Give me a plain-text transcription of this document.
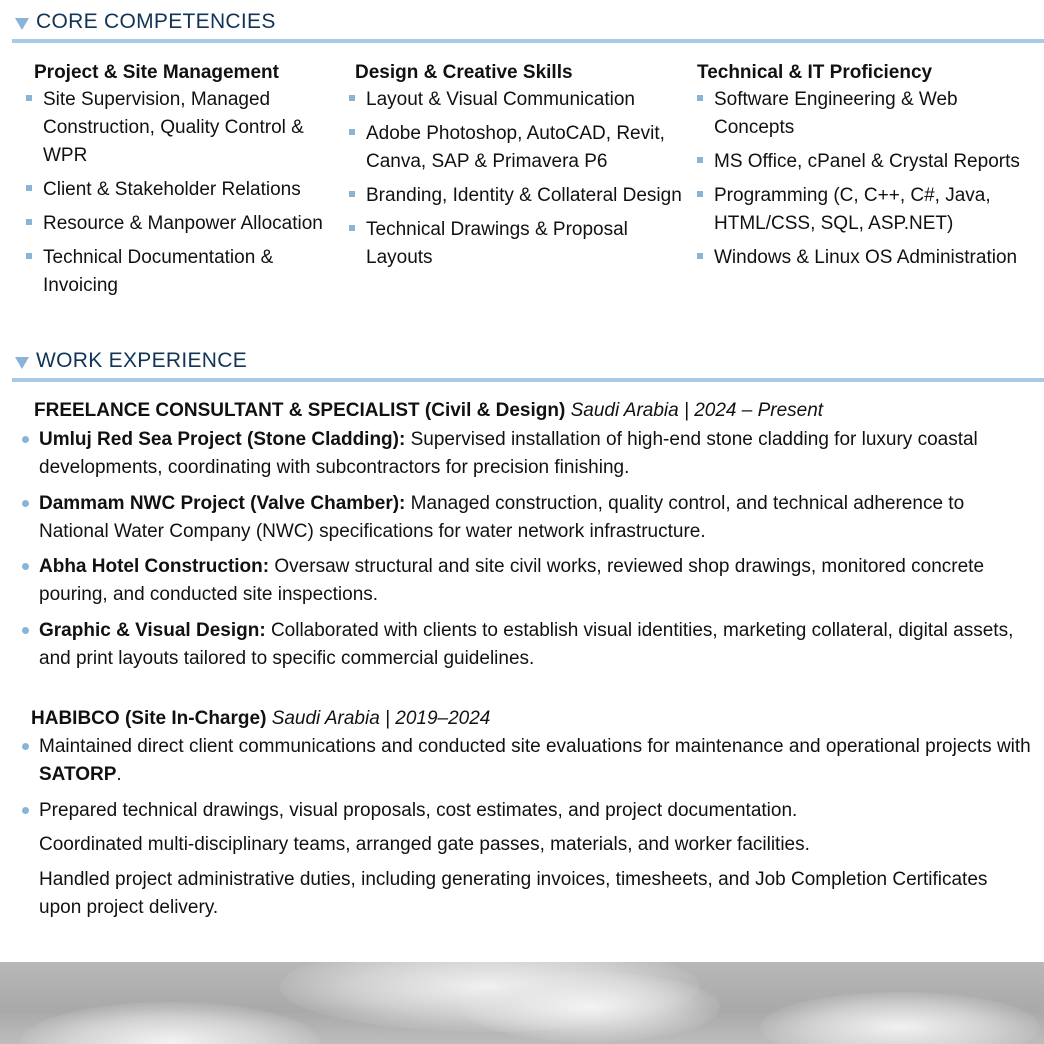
CORE COMPETENCIES
Project & Site Management
Site Supervision, Managed Construction, Quality Control & WPR
Client & Stakeholder Relations
Resource & Manpower Allocation
Technical Documentation & Invoicing
Design & Creative Skills
Layout & Visual Communication
Adobe Photoshop, AutoCAD, Revit, Canva, SAP & Primavera P6
Branding, Identity & Collateral Design
Technical Drawings & Proposal Layouts
Technical & IT Proficiency
Software Engineering & Web Concepts
MS Office, cPanel & Crystal Reports
Programming (C, C++, C#, Java, HTML/CSS, SQL, ASP.NET)
Windows & Linux OS Administration
WORK EXPERIENCE
FREELANCE CONSULTANT & SPECIALIST (Civil & Design) Saudi Arabia | 2024 – Present
Umluj Red Sea Project (Stone Cladding): Supervised installation of high-end stone cladding for luxury coastal developments, coordinating with subcontractors for precision finishing.
Dammam NWC Project (Valve Chamber): Managed construction, quality control, and technical adherence to National Water Company (NWC) specifications for water network infrastructure.
Abha Hotel Construction: Oversaw structural and site civil works, reviewed shop drawings, monitored concrete pouring, and conducted site inspections.
Graphic & Visual Design: Collaborated with clients to establish visual identities, marketing collateral, digital assets, and print layouts tailored to specific commercial guidelines.
HABIBCO (Site In-Charge) Saudi Arabia | 2019–2024
Maintained direct client communications and conducted site evaluations for maintenance and operational projects with SATORP.
Prepared technical drawings, visual proposals, cost estimates, and project documentation.
Coordinated multi-disciplinary teams, arranged gate passes, materials, and worker facilities.
Handled project administrative duties, including generating invoices, timesheets, and Job Completion Certificates upon project delivery.
